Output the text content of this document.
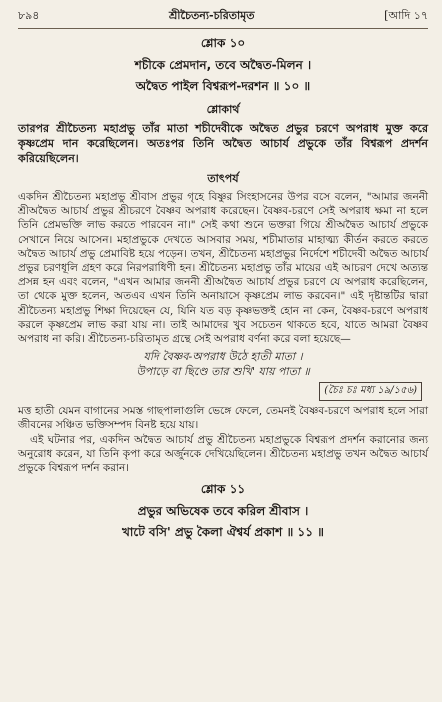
৮৯৪	শ্রীচৈতন্য-চরিতামৃত	[আদি ১৭
শ্লোক ১০
শচীকে প্রেমদান, তবে অদ্বৈত-মিলন ।
অদ্বৈত পাইল বিশ্বরূপ-দরশন ॥ ১০ ॥
শ্লোকার্থ

তারপর শ্রীচৈতন্য মহাপ্রভু তাঁর মাতা শচীদেবীকে অদ্বৈত প্রভুর চরণে অপরাধ মুক্ত করে কৃষ্ণপ্রেম দান করেছিলেন। অতঃপর তিনি অদ্বৈত আচার্য প্রভুকে তাঁর বিশ্বরূপ প্রদর্শন করিয়েছিলেন।

তাৎপর্য

একদিন শ্রীচৈতন্য মহাপ্রভু শ্রীবাস প্রভুর গৃহে বিষ্ণুর সিংহাসনের উপর বসে বলেন, "আমার জননী শ্রীঅদ্বৈত আচার্য প্রভুর শ্রীচরণে বৈষ্ণব অপরাধ করেছেন। বৈষ্ণব-চরণে সেই অপরাধ ক্ষমা না হলে তিনি প্রেমভক্তি লাভ করতে পারবেন না।" সেই কথা শুনে ভক্তরা গিয়ে শ্রীঅদ্বৈত আচার্য প্রভুকে সেখানে নিয়ে আসেন। মহাপ্রভুকে দেখতে আসবার সময়, শচীমাতার মাহাত্ম্য কীর্তন করতে করতে অদ্বৈত আচার্য প্রভু প্রেমাবিষ্ট হয়ে পড়েন। তখন, শ্রীচৈতন্য মহাপ্রভুর নির্দেশে শচীদেবী অদ্বৈত আচার্য প্রভুর চরণধূলি গ্রহণ করে নিরপরাধিণী হন। শ্রীচৈতন্য মহাপ্রভু তাঁর মায়ের এই আচরণ দেখে অত্যন্ত প্রসন্ন হন এবং বলেন, "এখন আমার জননী শ্রীঅদ্বৈত আচার্য প্রভুর চরণে যে অপরাধ করেছিলেন, তা থেকে মুক্ত হলেন, অতএব এখন তিনি অনায়াসে কৃষ্ণপ্রেম লাভ করবেন।" এই দৃষ্টান্তটির দ্বারা শ্রীচৈতন্য মহাপ্রভু শিক্ষা দিয়েছেন যে, যিনি যত বড় কৃষ্ণভক্তই হোন না কেন, বৈষ্ণব-চরণে অপরাধ করলে কৃষ্ণপ্রেম লাভ করা যায় না। তাই আমাদের খুব সচেতন থাকতে হবে, যাতে আমরা বৈষ্ণব অপরাধ না করি। শ্রীচৈতন্য-চরিতামৃত গ্রন্থে সেই অপরাধ বর্ণনা করে বলা হয়েছে—

যদি বৈষ্ণব-অপরাধ উঠে হাতী মাতা ।
উপাড়ে বা ছিণ্ডে তার শুখি' যায় পাতা ॥
(চৈঃ চঃ মধ্য ১৯/১৫৬)

মত্ত হাতী যেমন বাগানের সমস্ত গাছপালাগুলি ভেঙ্গে ফেলে, তেমনই বৈষ্ণব-চরণে অপরাধ হলে সারা জীবনের সঞ্চিত ভক্তিসম্পদ বিনষ্ট হয়ে যায়।

এই ঘটনার পর, একদিন অদ্বৈত আচার্য প্রভু শ্রীচৈতন্য মহাপ্রভুকে বিশ্বরূপ প্রদর্শন করানোর জন্য অনুরোধ করেন, যা তিনি কৃপা করে অর্জুনকে দেখিয়েছিলেন। শ্রীচৈতন্য মহাপ্রভু তখন অদ্বৈত আচার্য প্রভুকে বিশ্বরূপ দর্শন করান।

শ্লোক ১১
প্রভুর অভিষেক তবে করিল শ্রীবাস ।
খাটে বসি' প্রভু কৈলা ঐশ্বর্য প্রকাশ ॥ ১১ ॥
